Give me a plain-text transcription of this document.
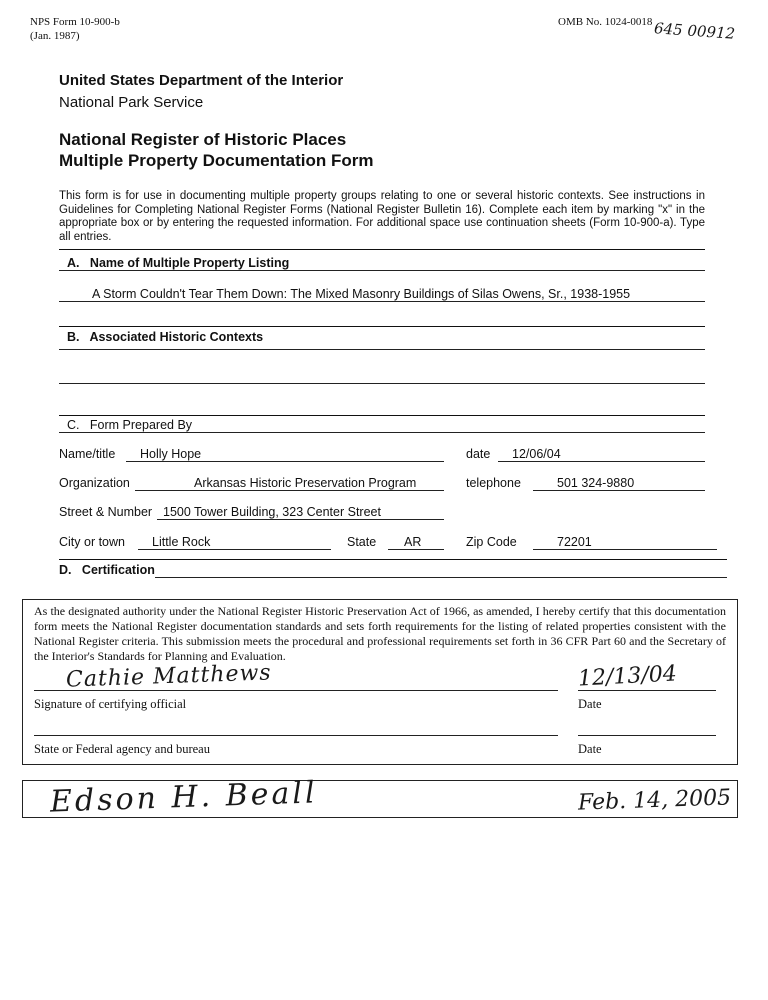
NPS Form 10-900-b
(Jan. 1987)
OMB No. 1024-0018 645 00912
United States Department of the Interior
National Park Service
National Register of Historic Places
Multiple Property Documentation Form
This form is for use in documenting multiple property groups relating to one or several historic contexts. See instructions in Guidelines for Completing National Register Forms (National Register Bulletin 16). Complete each item by marking "x" in the appropriate box or by entering the requested information. For additional space use continuation sheets (Form 10-900-a). Type all entries.
A.   Name of Multiple Property Listing
A Storm Couldn't Tear Them Down: The Mixed Masonry Buildings of Silas Owens, Sr., 1938-1955
B.   Associated Historic Contexts
C.   Form Prepared By
Name/title Holly Hope	date 12/06/04
Organization	Arkansas Historic Preservation Program	telephone	501 324-9880
Street & Number 1500 Tower Building, 323 Center Street
City or town Little Rock	State AR	Zip Code	72201
D.   Certification
As the designated authority under the National Register Historic Preservation Act of 1966, as amended, I hereby certify that this documentation form meets the National Register documentation standards and sets forth requirements for the listing of related properties consistent with the National Register criteria. This submission meets the procedural and professional requirements set forth in 36 CFR Part 60 and the Secretary of the Interior's Standards for Planning and Evaluation.
Cathie Matthews
Signature of certifying official
12/13/04
Date
State or Federal agency and bureau	Date
Edson H. Beall	Feb. 14, 2005
